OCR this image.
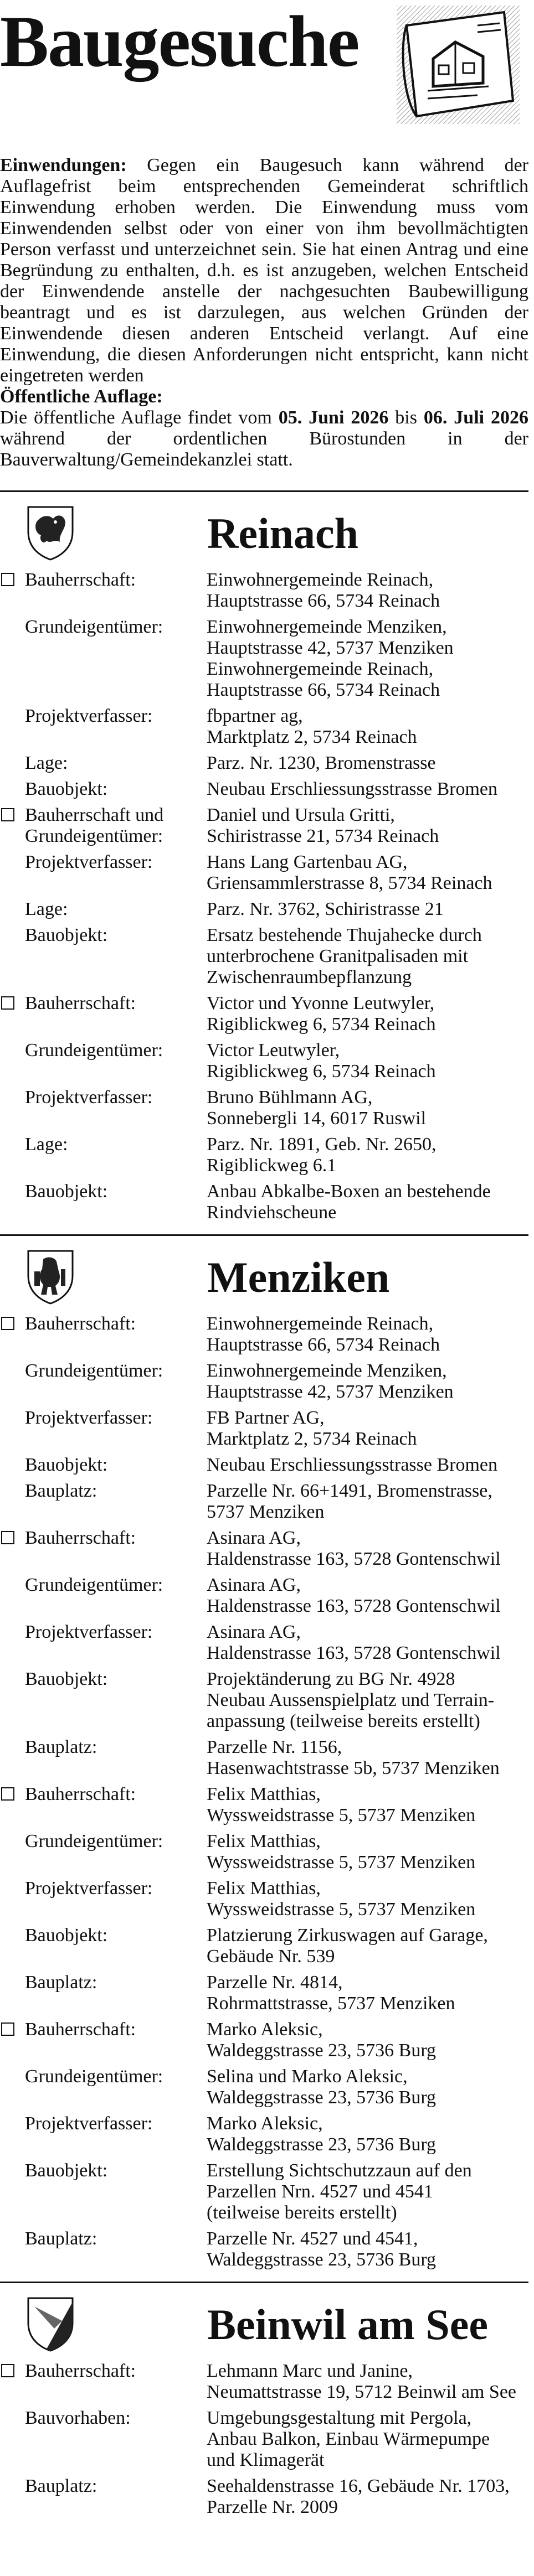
Baugesuche

Einwendungen: Gegen ein Baugesuch kann während der Auflagefrist beim entsprechenden Gemeinderat schriftlich Einwendung erhoben werden. Die Einwendung muss vom Einwendenden selbst oder von einer von ihm bevollmächtigten Person verfasst und unterzeichnet sein. Sie hat einen Antrag und eine Begründung zu enthalten, d.h. es ist anzugeben, welchen Entscheid der Einwendende anstelle der nachgesuchten Baubewilligung beantragt und es ist darzulegen, aus welchen Gründen der Einwendende diesen anderen Entscheid verlangt. Auf eine Einwendung, die diesen Anforderungen nicht entspricht, kann nicht eingetreten werden

Öffentliche Auflage:

Die öffentliche Auflage findet vom 05. Juni 2026 bis 06. Juli 2026 während der ordentlichen Bürostunden in der Bauverwaltung/Gemeindekanzlei statt.

Reinach
Bauherrschaft:	Einwohnergemeinde Reinach,
Hauptstrasse 66, 5734 Reinach
Grundeigentümer:	Einwohnergemeinde Menziken,
Hauptstrasse 42, 5737 Menziken
Einwohnergemeinde Reinach,
Hauptstrasse 66, 5734 Reinach
Projektverfasser:	fbpartner ag,
Marktplatz 2, 5734 Reinach
Lage:	Parz. Nr. 1230, Bromenstrasse
Bauobjekt:	Neubau Erschliessungsstrasse Bromen
Bauherrschaft und
Grundeigentümer:
Daniel und Ursula Gritti,
Schiristrasse 21, 5734 Reinach
Projektverfasser:	Hans Lang Gartenbau AG,
Griensammlerstrasse 8, 5734 Reinach
Lage:	Parz. Nr. 3762, Schiristrasse 21
Bauobjekt:	Ersatz bestehende Thujahecke durch
unterbrochene Granitpalisaden mit
Zwischenraumbepflanzung
Bauherrschaft:	Victor und Yvonne Leutwyler,
Rigiblickweg 6, 5734 Reinach
Grundeigentümer:	Victor Leutwyler,
Rigiblickweg 6, 5734 Reinach
Projektverfasser:	Bruno Bühlmann AG,
Sonnebergli 14, 6017 Ruswil
Lage:	Parz. Nr. 1891, Geb. Nr. 2650,
Rigiblickweg 6.1
Bauobjekt:	Anbau Abkalbe-Boxen an bestehende
Rindviehscheune
Menziken
Bauherrschaft:	Einwohnergemeinde Reinach,
Hauptstrasse 66, 5734 Reinach
Grundeigentümer:	Einwohnergemeinde Menziken,
Hauptstrasse 42, 5737 Menziken
Projektverfasser:	FB Partner AG,
Marktplatz 2, 5734 Reinach
Bauobjekt:	Neubau Erschliessungsstrasse Bromen
Bauplatz:	Parzelle Nr. 66+1491, Bromenstrasse,
5737 Menziken
Bauherrschaft:	Asinara AG,
Haldenstrasse 163, 5728 Gontenschwil
Grundeigentümer:	Asinara AG,
Haldenstrasse 163, 5728 Gontenschwil
Projektverfasser:	Asinara AG,
Haldenstrasse 163, 5728 Gontenschwil
Bauobjekt:	Projektänderung zu BG Nr. 4928
Neubau Aussenspielplatz und Terrain-
anpassung (teilweise bereits erstellt)
Bauplatz:	Parzelle Nr. 1156,
Hasenwachtstrasse 5b, 5737 Menziken
Bauherrschaft:	Felix Matthias,
Wyssweidstrasse 5, 5737 Menziken
Grundeigentümer:	Felix Matthias,
Wyssweidstrasse 5, 5737 Menziken
Projektverfasser:	Felix Matthias,
Wyssweidstrasse 5, 5737 Menziken
Bauobjekt:	Platzierung Zirkuswagen auf Garage,
Gebäude Nr. 539
Bauplatz:	Parzelle Nr. 4814,
Rohrmattstrasse, 5737 Menziken
Bauherrschaft:	Marko Aleksic,
Waldeggstrasse 23, 5736 Burg
Grundeigentümer:	Selina und Marko Aleksic,
Waldeggstrasse 23, 5736 Burg
Projektverfasser:	Marko Aleksic,
Waldeggstrasse 23, 5736 Burg
Bauobjekt:	Erstellung Sichtschutzzaun auf den
Parzellen Nrn. 4527 und 4541
(teilweise bereits erstellt)
Bauplatz:	Parzelle Nr. 4527 und 4541,
Waldeggstrasse 23, 5736 Burg
Beinwil am See
Bauherrschaft:	Lehmann Marc und Janine,
Neumattstrasse 19, 5712 Beinwil am See
Bauvorhaben:	Umgebungsgestaltung mit Pergola,
Anbau Balkon, Einbau Wärmepumpe
und Klimagerät
Bauplatz:	Seehaldenstrasse 16, Gebäude Nr. 1703,
Parzelle Nr. 2009
